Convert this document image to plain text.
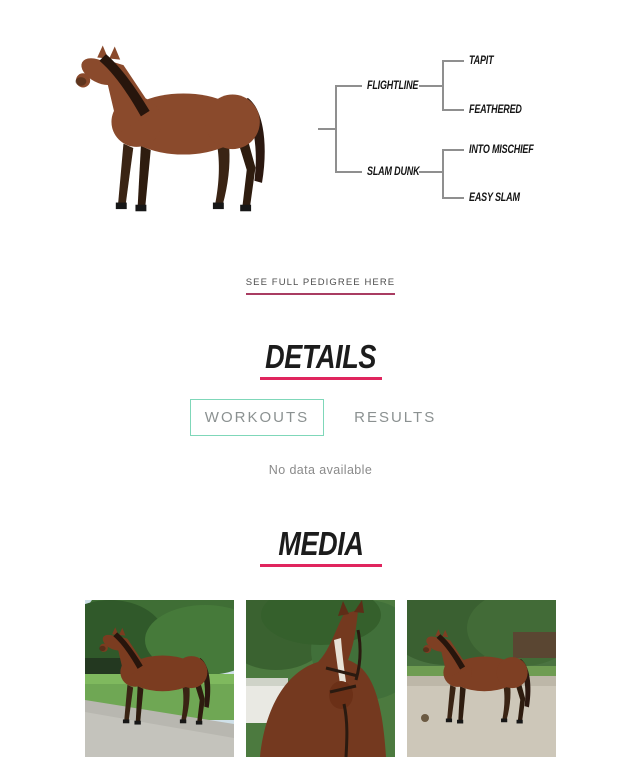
FLIGHTLINE
SLAM DUNK
TAPIT
FEATHERED
INTO MISCHIEF
EASY SLAM
SEE FULL PEDIGREE HERE
DETAILS
WORKOUTS	RESULTS
No data available
MEDIA
